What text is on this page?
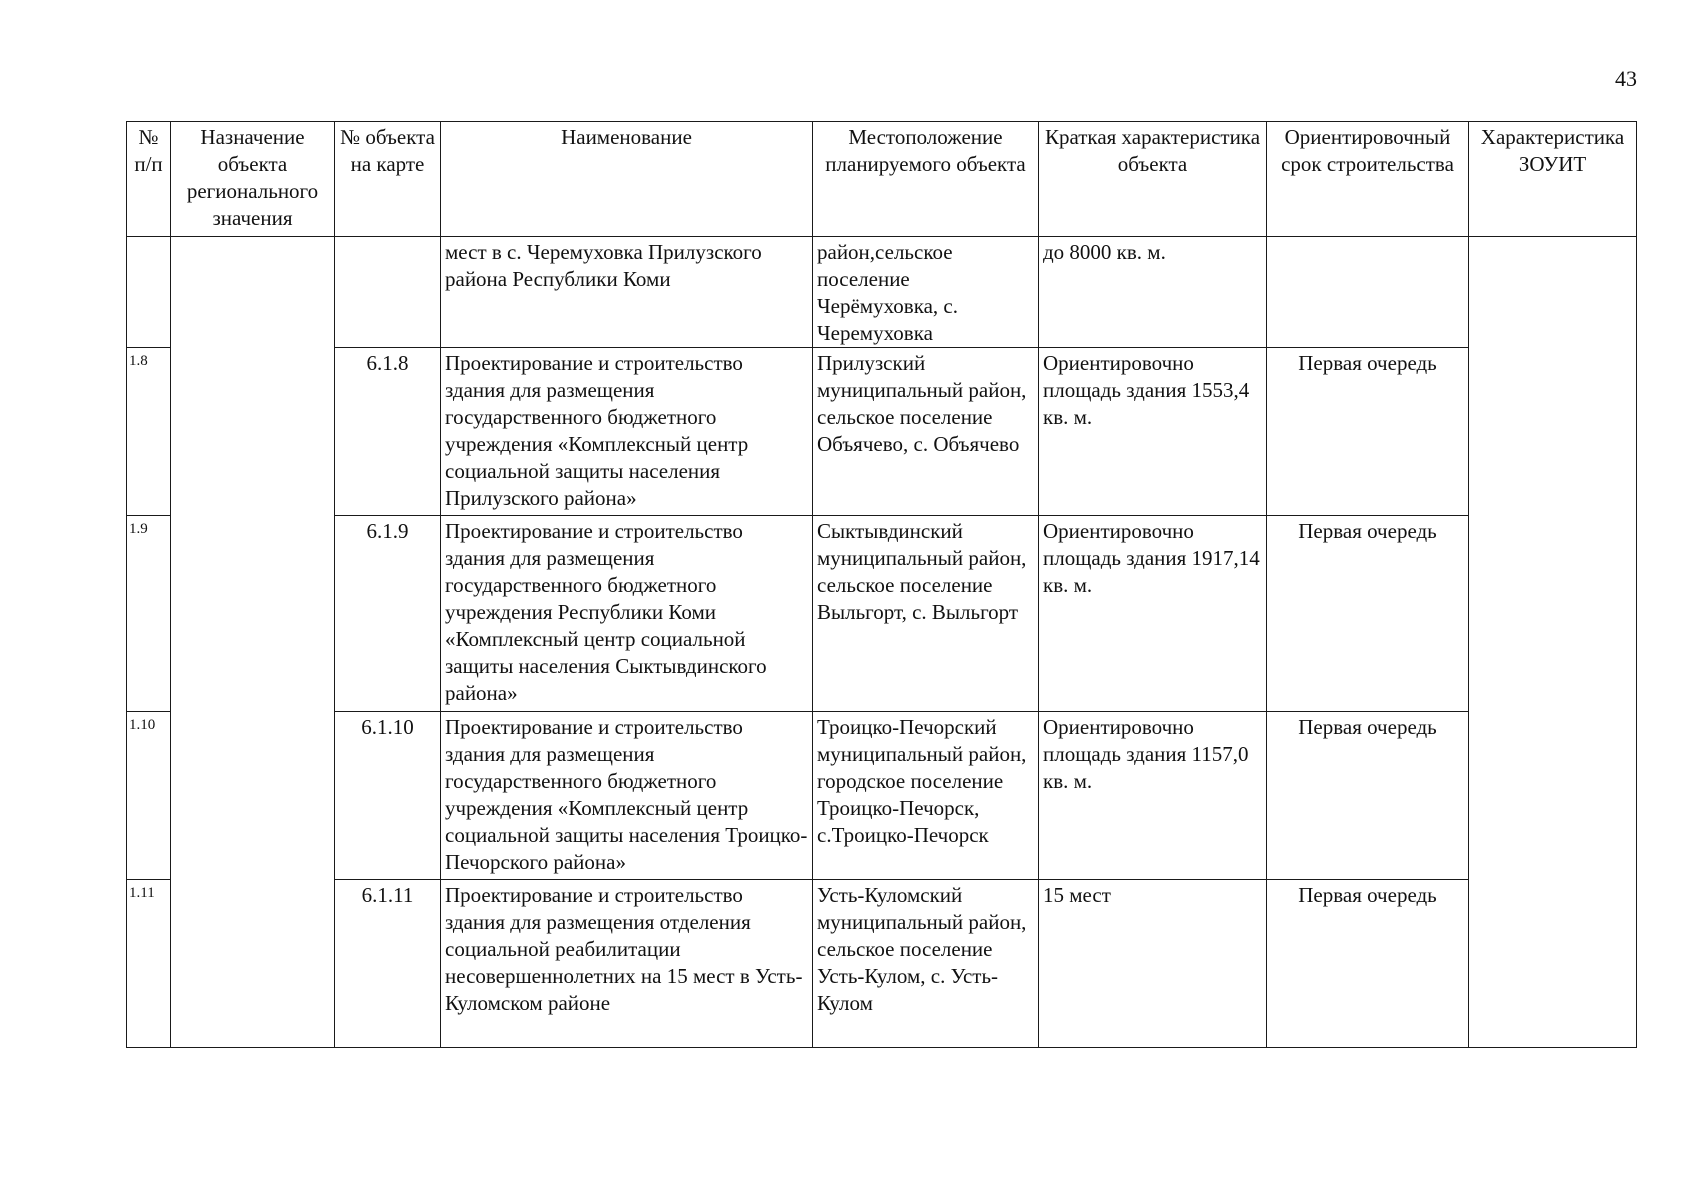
43
№ п/п	Назначение объекта регионального значения	№ объекта на карте	Наименование	Местоположение планируемого объекта	Краткая характеристика объекта	Ориентировочный срок строительства	Характеристика ЗОУИТ
			мест в с. Черемуховка Прилузского района Республики Коми	район,сельское поселение Черёмуховка, с. Черемуховка	до 8000 кв. м.		
1.8		6.1.8	Проектирование и строительство здания для размещения государственного бюджетного учреждения «Комплексный центр социальной защиты населения Прилузского района»	Прилузский муниципальный район, сельское поселение Объячево, с. Объячево	Ориентировочно площадь здания 1553,4 кв. м.	Первая очередь	
1.9		6.1.9	Проектирование и строительство здания для размещения государственного бюджетного учреждения Республики Коми «Комплексный центр социальной защиты населения Сыктывдинского района»	Сыктывдинский муниципальный район, сельское поселение Выльгорт, с. Выльгорт	Ориентировочно площадь здания 1917,14 кв. м.	Первая очередь	
1.10		6.1.10	Проектирование и строительство здания для размещения государственного бюджетного учреждения «Комплексный центр социальной защиты населения Троицко-Печорского района»	Троицко-Печорский муниципальный район, городское поселение Троицко-Печорск, с.Троицко-Печорск	Ориентировочно площадь здания 1157,0 кв. м.	Первая очередь	
1.11		6.1.11	Проектирование и строительство здания для размещения отделения социальной реабилитации несовершеннолетних на 15 мест в Усть-Куломском районе	Усть-Куломский муниципальный район, сельское поселение Усть-Кулом, с. Усть-Кулом	15 мест	Первая очередь	
